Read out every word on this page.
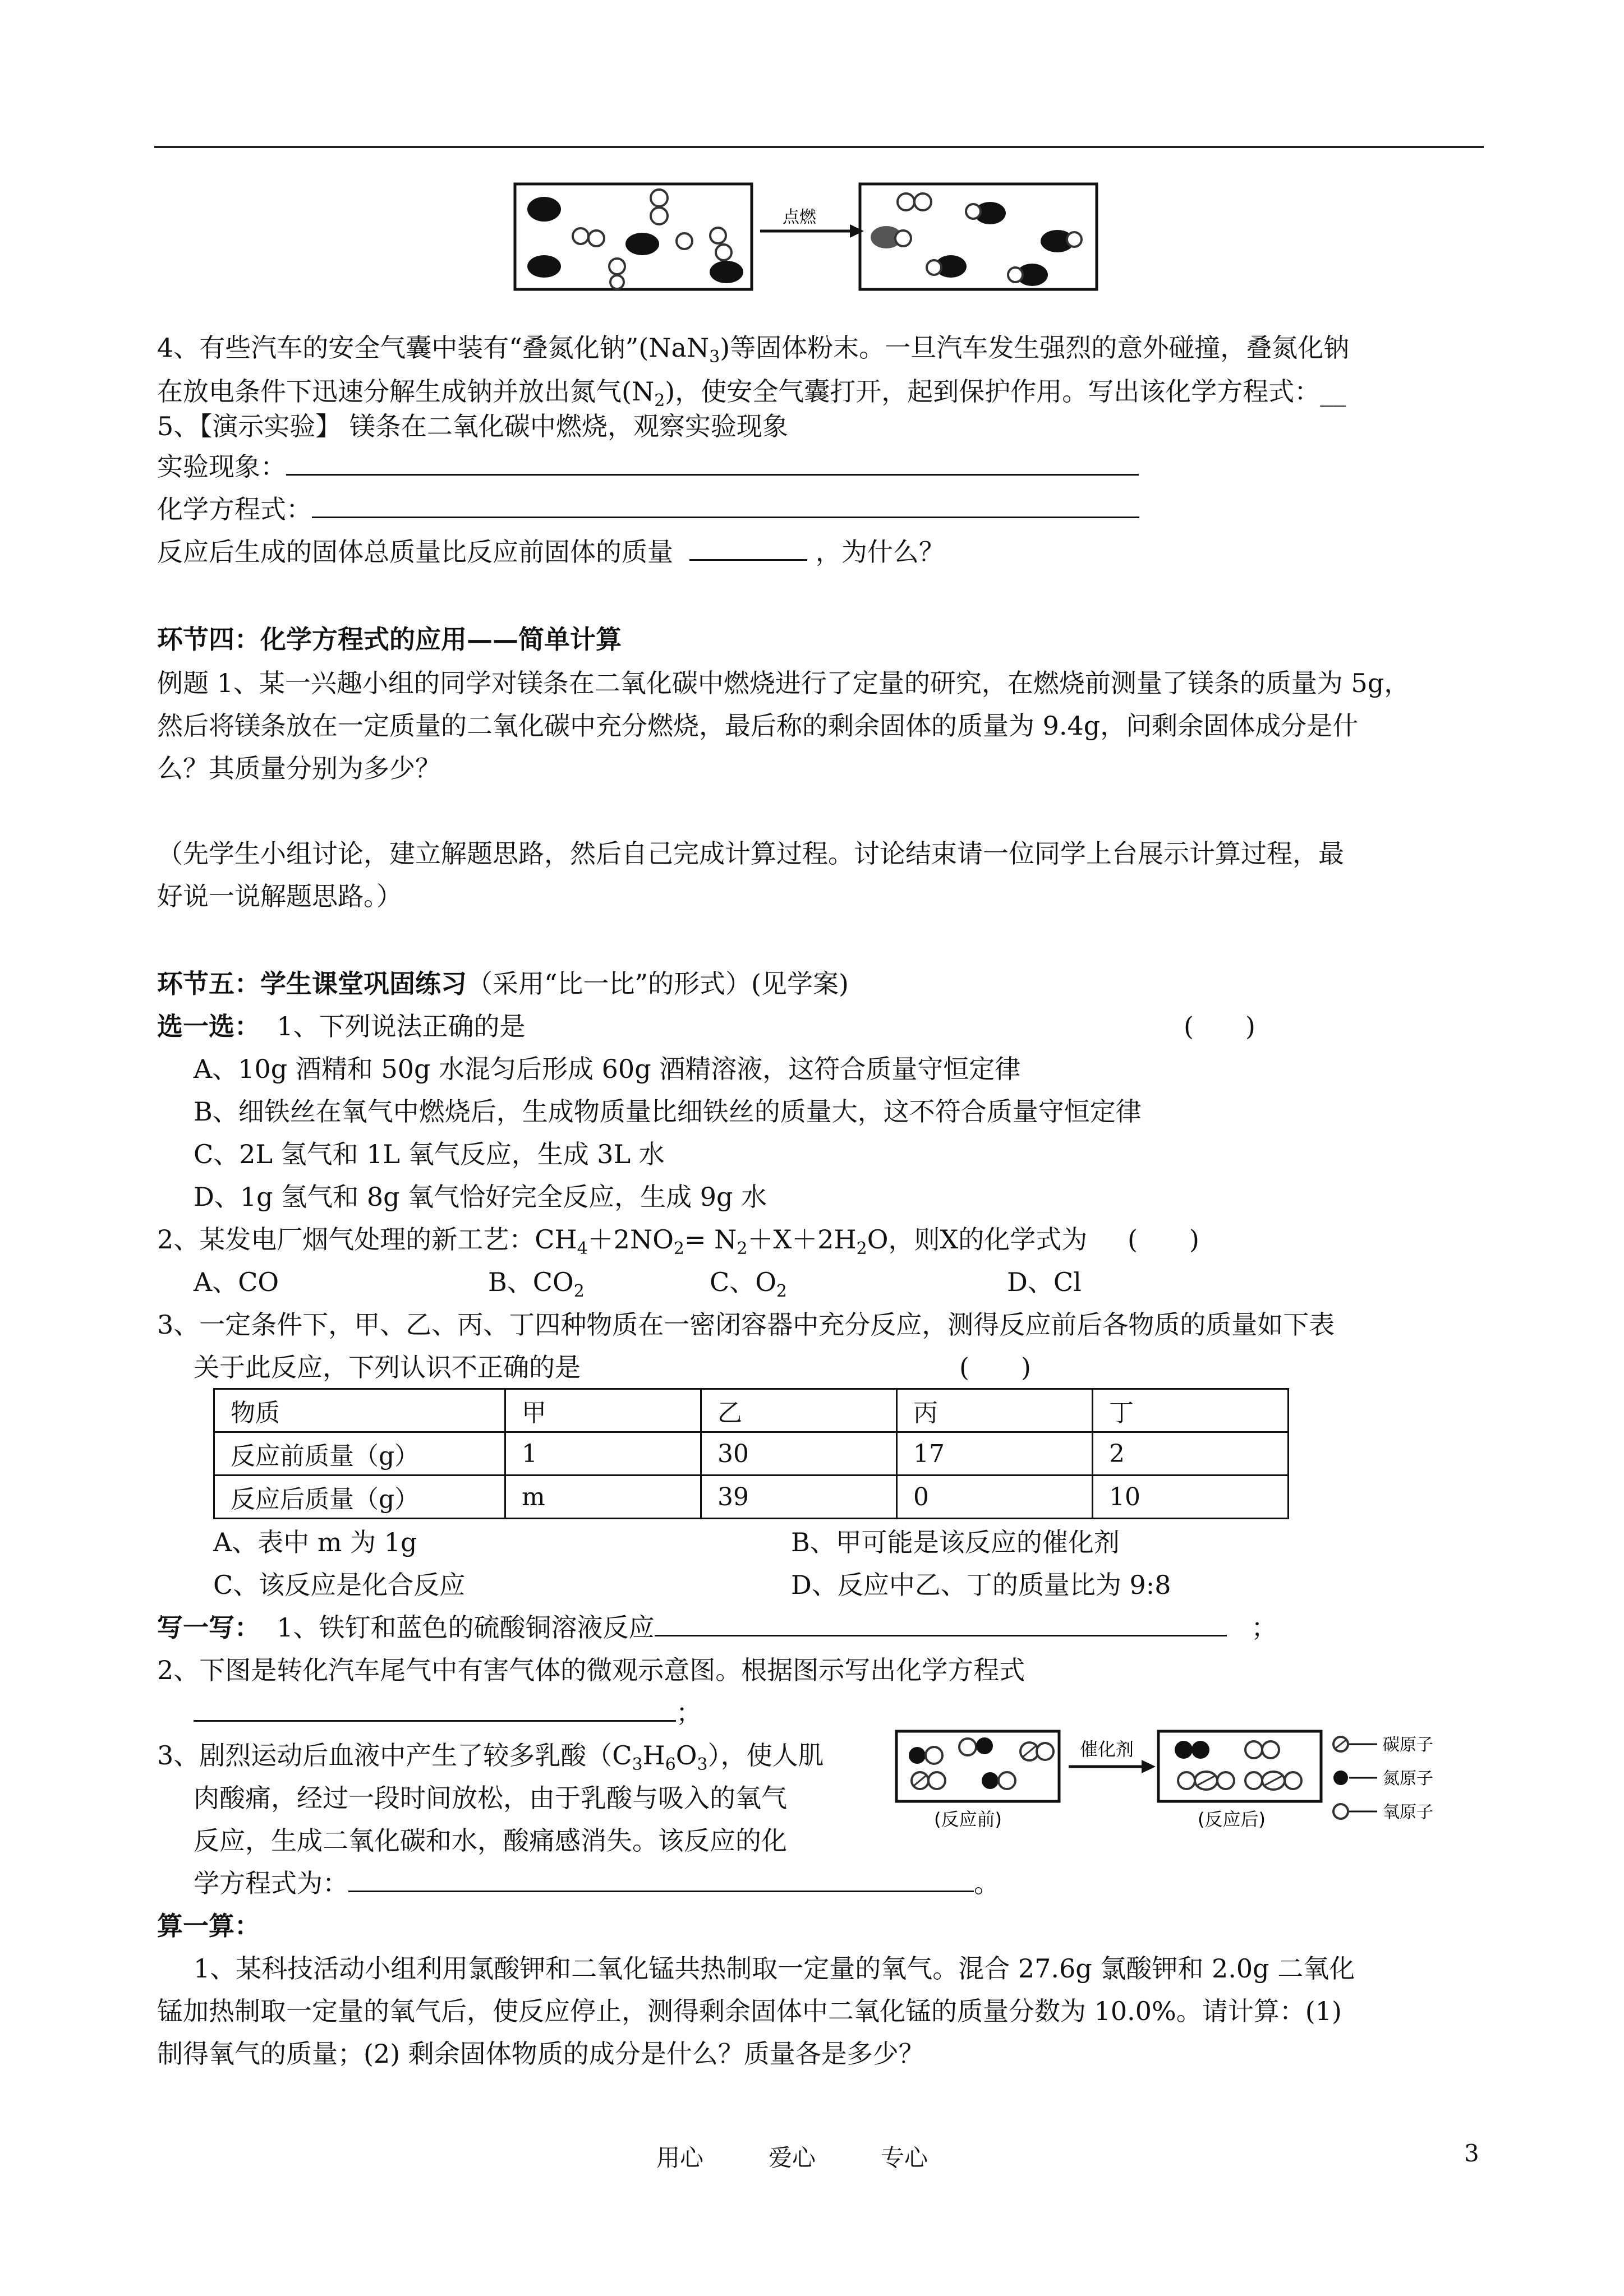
点燃
4、有些汽车的安全气囊中装有“叠氮化钠”(NaN$_3$)等固体粉末。一旦汽车发生强烈的意外碰撞，叠氮化钠
在放电条件下迅速分解生成钠并放出氮气$(N_2)$，使安全气囊打开，起到保护作用。写出该化学方程式：__
5、【演示实验】 镁条在二氧化碳中燃烧，观察实验现象
实验现象：
化学方程式：
反应后生成的固体总质量比反应前固体的质量	，为什么？
环节四：化学方程式的应用——简单计算
例题 1、某一兴趣小组的同学对镁条在二氧化碳中燃烧进行了定量的研究，在燃烧前测量了镁条的质量为 5g，
然后将镁条放在一定质量的二氧化碳中充分燃烧，最后称的剩余固体的质量为 9.4g，问剩余固体成分是什
么？其质量分别为多少？
（先学生小组讨论，建立解题思路，然后自己完成计算过程。讨论结束请一位同学上台展示计算过程，最
好说一说解题思路。）
环节五：学生课堂巩固练习（采用“比一比”的形式）(见学案)
选一选： 1、下列说法正确的是	(　　)
A、10g 酒精和 50g 水混匀后形成 60g 酒精溶液，这符合质量守恒定律
B、细铁丝在氧气中燃烧后，生成物质量比细铁丝的质量大，这不符合质量守恒定律
C、2L 氢气和 1L 氧气反应，生成 3L 水
D、1g 氢气和 8g 氧气恰好完全反应，生成 9g 水
2、某发电厂烟气处理的新工艺：$CH_4+2NO_2= N_2+X+2H_2O$，则X的化学式为 (　　)
A、CO	B、$CO_2$	C、$O_2$	D、Cl
3、一定条件下，甲、乙、丙、丁四种物质在一密闭容器中充分反应，测得反应前后各物质的质量如下表
关于此反应，下列认识不正确的是	(　　)
物质	甲	乙	丙	丁
反应前质量（g）	1	30	17	2
反应后质量（g）	m	39	0	10
A、表中 m 为 1g	B、甲可能是该反应的催化剂
C、该反应是化合反应	D、反应中乙、丁的质量比为 9:8
写一写： 1、铁钉和蓝色的硫酸铜溶液反应	；
2、下图是转化汽车尾气中有害气体的微观示意图。根据图示写出化学方程式
；
3、剧烈运动后血液中产生了较多乳酸$(C_3H_6O_3)$，使人肌
肉酸痛，经过一段时间放松，由于乳酸与吸入的氧气
反应，生成二氧化碳和水，酸痛感消失。该反应的化
学方程式为：	。
催化剂
(反应前)	(反应后)
碳原子
氮原子
氧原子
算一算：
1、某科技活动小组利用氯酸钾和二氧化锰共热制取一定量的氧气。混合 27.6g 氯酸钾和 2.0g 二氧化
锰加热制取一定量的氧气后，使反应停止，测得剩余固体中二氧化锰的质量分数为 10.0%。请计算：(1)
制得氧气的质量；(2) 剩余固体物质的成分是什么？质量各是多少？
用心	爱心	专心	3
